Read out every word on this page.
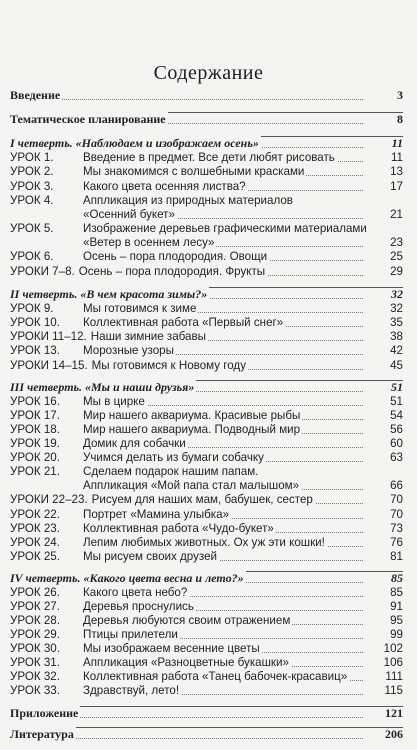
Содержание
Введение	3
Тематическое планирование	8
I четверть. «Наблюдаем и изображаем осень»	11
УРОК 1.	Введение в предмет. Все дети любят рисовать	11
УРОК 2.	Мы знакомимся с волшебными красками	13
УРОК 3.	Какого цвета осенняя листва?	17
УРОК 4.	Аппликация из природных материалов
«Осенний букет»	21
УРОК 5.	Изображение деревьев графическими материалами
«Ветер в осеннем лесу»	23
УРОК 6.	Осень – пора плодородия. Овощи	25
УРОКИ 7–8. Осень – пора плодородия. Фрукты	29
II четверть. «В чем красота зимы?»	32
УРОК 9.	Мы готовимся к зиме	32
УРОК 10. Коллективная работа «Первый снег»	35
УРОКИ 11–12. Наши зимние забавы	38
УРОК 13. Морозные узоры	42
УРОКИ 14–15. Мы готовимся к Новому году	45
III четверть. «Мы и наши друзья»	51
УРОК 16. Мы в цирке	51
УРОК 17. Мир нашего аквариума. Красивые рыбы	54
УРОК 18. Мир нашего аквариума. Подводный мир	56
УРОК 19. Домик для собачки	60
УРОК 20. Учимся делать из бумаги собачку	63
УРОК 21. Сделаем подарок нашим папам.
Аппликация «Мой папа стал малышом»	66
УРОКИ 22–23. Рисуем для наших мам, бабушек, сестер	70
УРОК 22. Портрет «Мамина улыбка»	70
УРОК 23. Коллективная работа «Чудо-букет»	73
УРОК 24. Лепим любимых животных. Ох уж эти кошки!	76
УРОК 25. Мы рисуем своих друзей	81
IV четверть. «Какого цвета весна и лето?»	85
УРОК 26. Какого цвета небо?	85
УРОК 27. Деревья проснулись	91
УРОК 28. Деревья любуются своим отражением	95
УРОК 29. Птицы прилетели	99
УРОК 30. Мы изображаем весенние цветы	102
УРОК 31. Аппликация «Разноцветные букашки»	106
УРОК 32. Коллективная работа «Танец бабочек-красавиц»	111
УРОК 33. Здравствуй, лето!	115
Приложение	121
Литература	206
